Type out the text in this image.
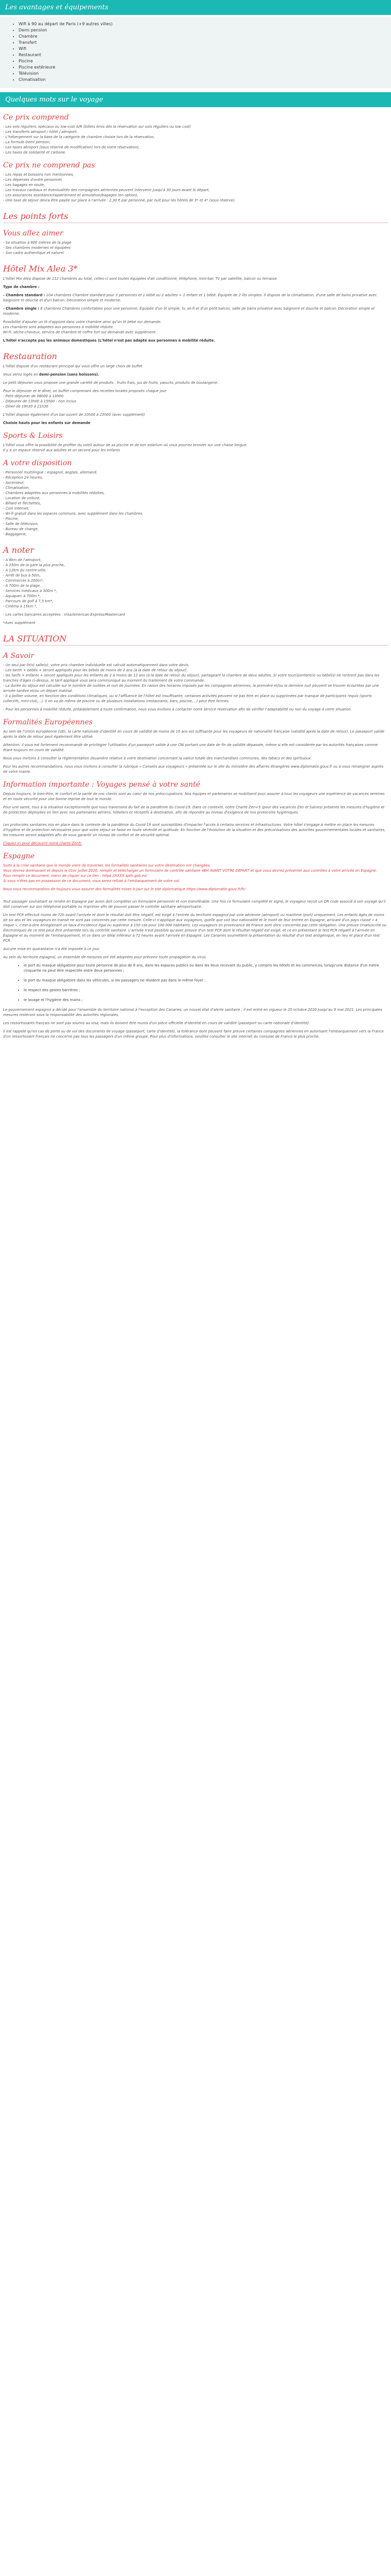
Les avantages et équipements
• Wifi à 90 au départ de Paris (+9 autres villes)
• Demi pension
• Chambre
• Transfert
• Wifi
• Restaurant
• Piscine
• Piscine extérieure
• Télévision
• Climatisation
Quelques mots sur le voyage
Ce prix comprend

- Les vols réguliers, spéciaux ou low-cost A/R (billets émis dès la réservation sur vols réguliers ou low cost)
- Les transferts aéroport / hôtel / aéroport,
- L'hébergement sur la base de la catégorie de chambre choisie lors de la réservation,
- La formule Demi pension,
- Les taxes aéroport (sous réserve de modification) lors de votre réservation),
- Les taxes de solidarité et carbone.

Ce prix ne comprend pas

- Les repas et boissons non mentionnes,
- Les dépenses d'ordre personnel,
- Les bagages en soute,
- Les travaux cardiaux et éventualités des compagnies aériennes peuvent intervenir jusqu'à 30 jours avant le départ,
- Les assurances assistance/rapatriement et annulation/bagages (en option),
- Une taxe de séjour devra être payée sur place à l'arrivée : 2,30 € par personne, par nuit pour les hôtels de 3* et 4* (sous réserve).

Les points forts
Vous allez aimer

- Sa situation à 600 mètres de la plage
- Ses chambres modernes et équipées
- Son cadre authentique et naturel

Hôtel Mix Alea 3*

L'hôtel Mix Alea dispose de 112 chambres au total, celles-ci sont toutes équipées d'air conditionné, téléphone, mini-bar, TV par satellite, balcon ou terrasse.

Type de chambre :

- Chambre standard : 104 chambres Chambre standard pour 3 personnes et 1 bébé ou 2 adultes + 1 enfant et 1 bébé. Équipée de 2 lits simples. Il dispose de la climatisation, d'une salle de bains privative avec baignoire et douche et d'un balcon. Décoration simple et moderne.

- Chambre single : 8 chambres Chambres confortables pour une personne. Équipée d'un lit simple, tv, wi-fi et d'un petit balcon, salle de bains privative avec baignoire et douche et balcon. Décoration simple et moderne.

Possibilité d'ajouter un lit d'appoint dans votre chambre ainsi qu'un lit bébé sur demande.
Les chambres sont adaptées aux personnes à mobilité réduite.
Wi-fi, sèche-cheveux, service de chambre et coffre fort sur demande avec supplément.

L'hôtel n'accepte pas les animaux domestiques (L'hôtel n'est pas adapté aux personnes à mobilité réduite.

Restauration

L'hôtel dispose d'un restaurant principal qui vous offre un large choix de buffet

Vous serez logés en demi-pension (sans boissons).

Le petit déjeuner vous propose une grande variété de produits : fruits frais, jus de fruits, yaourts, produits de boulangerie.

Pour le déjeuner et le dîner, un buffet comprenant des recettes locales proposés chaque jour
- Petit déjeuner de 08h00 à 10h00
- Déjeuner de 13h00 à 15h00 - non inclus
- Dîner de 19h30 à 21h30

L'hôtel dispose également d'un bar ouvert de 10h00 à 23h00 (avec supplément)

Choisie hauts pour les enfants sur demande

Sports & Loisirs

L'hôtel vous offre la possibilité de profiter du soleil autour de sa piscine et de son solarium où vous pourrez bronzer sur une chaise longue.
Il y a un espace réservé aux adultes et un second pour les enfants

A votre disposition

- Personnel multilingue ; espagnol, anglais, allemand,
- Réception 24 heures,
- Ascenseur,
- Climatisation,
- Chambres adaptées aux personnes à mobilités réduites,
- Location de voiture,
- Billard et fléchettes,
- Coin Internet,
- Wi-fi gratuit dans les espaces communs, avec supplément dans les chambres,
- Piscine,
- Salle de télévision,
- Bureau de change,
- Baggagerie,

A noter

- A 8km de l'aéroport,
- A 250m de la gare la plus proche,
- A 12km du centre-ville,
- Arrêt de bus à 50m,
- Commerces à 200m*,
- A 700m de la plage,
- Services médicaux à 300m *,
- Aquaparc à 700m *,
- Parcours de golf à 7,5 km*,
- Cinéma à 15km *,

- Les cartes bancaires acceptées : Visa/American Express/Mastercard

*Avec supplément

LA SITUATION
A Savoir

- Un seul par lit(s) salle(s), votre prix chambre individuelle est calculé automatiquement dans votre devis.
- Les berth + bébés + seront appliqués pour les bébés de moins de 2 ans (à la date de retour du séjour).
- les tarifs + enfants + seront appliqués pour les enfants de 2 à moins de 12 ans (à la date de retour du séjour), partageant la chambre de deux adultes. Si votre tour(s)enfant(s) ou bébé(s) ne rentrent pas dans les tranches d'âges ci-dessus, le tarif appliqué vous sera communiqué au moment du traitement de votre commande.
- La durée du séjour est calculée sur le nombre de nuitées et non de journées. En raison des horaires imposés par les compagnies aériennes, la première et/ou la dernière nuit peuvent se trouver écourtées par une arrivée tardive et/ou un départ matinal.
- Il a boîtier volume, en fonction des conditions climatiques, ou si l'affluence de l'hôtel est insuffisante, certaines activités peuvent ne pas être en place ou supprimées par manque de participants requis (sports collectifs, mini-club,...). Il en va de même de piscine ou de plusieurs installations (restaurants, bars, piscine,...) peut être fermés.

- Pour les personnes à mobilité réduite, préalablement à toute confirmation, nous vous invitons à contacter notre service réservation afin de vérifier l'adaptabilité ou non du voyage à votre situation.

Formalités Européennes

Au sein de l'Union européenne (UE), la carte nationale d'identité en cours de validité de moins de 10 ans est suffisante pour les voyageurs de nationalité française (validité après la date de retour). Le passeport valide après la date de retour peut également être utilisé.

Attention: il vous est fortement recommandé de privilégier l'utilisation d'un passeport valide à une CNI portant une date de fin de validité dépassée, même si elle est considérée par les autorités françaises comme étant toujours en cours de validité.

Nous vous invitons à consulter la réglementation douanière relative à votre destination concernant la valeur totale des marchandises communes, des tabacs et des spiritueux.

Pour les autres recommandations, nous vous invitons à consulter la rubrique « Conseils aux voyageurs » présentée sur le site du ministère des affaires étrangères www.diplomatie.gouv.fr ou à vous renseigner auprès de votre mairie.

Information importante : Voyages pensé à votre santé

Depuis toujours, le bien-être, le confort et la santé de nos clients sont au cœur de nos préoccupations. Nos équipes et partenaires se mobilisent pour assurer à tous les voyageurs une expérience de vacances sereines et en toute sécurité pour une bonne reprise de tout le monde.

Pour une santé, tous à la situation exceptionnelle que nous traversons du fait de la pandémie du Covid-19. Dans ce contexte, notre Charte Zen+5 (pour des vacances Zen et Saines) présente les mesures d'hygiène et de protection déployées en lien avec nos partenaires aériens, hôteliers et réceptifs à destination, afin de répondre au niveau d'exigence de nos protocoles hygiéniques.

Les protocoles sanitaires mis en place dans le contexte de la pandémie du Covid-19 sont susceptibles d'impacter l'accès à certains services et infrastructures. Votre hôtel s'engage à mettre en place les mesures d'hygiène et de protection nécessaires pour que votre séjour se fasse en toute sérénité et quiétude. En fonction de l'évolution de la situation et des préconisations des autorités gouvernementales locales et sanitaires, les mesures seront adaptées afin de vous garantir un niveau de confort et de sécurité optimal.

Cliquez ici pour découvrir notre charte Zen5:

Espagne

Suite à la crise sanitaire que le monde vient de traverser, les formalités sanitaires sur votre destination ont changées.
Vous devrez dorénavant et depuis le 01er juillet 2020, remplir et télécharger un formulaire de contrôle sanitaire 48H AVANT VOTRE DÉPART et que vous devrez présenter aux contrôles à votre arrivée en Espagne.
Pour remplir ce document, merci de cliquer sur ce lien : https://XXXX.spth.gob.es/
Si vous n'êtes pas en possession de ce document, vous serez refusé à l'embarquement de votre vol.

Nous vous recommandons de toujours vous assurer des formalités mises à jour sur le site diplomatique https://www.diplomatie.gouv.fr/fr/

Tout passager souhaitant se rendre en Espagne par avion doit compléter un formulaire personnel et non transférable. Une fois ce formulaire complété et signé, le voyageur reçoit un QR code associé à son voyage qu'il doit conserver sur son téléphone portable ou imprimer afin de pouvoir passer le contrôle sanitaire aéroportuaire.

Un test PCR effectué moins de 72h avant l'arrivée et dont le résultat doit être négatif, est exigé à l'entrée du territoire espagnol par voie aérienne (aéroport) ou maritime (port) uniquement. Les enfants âgés de moins de six ans et les voyageurs en transit ne sont pas concernés par cette mesure. Celle-ci s'applique aux voyageurs, quelle que soit leur nationalité et le motif de leur entrée en Espagne, arrivant d'un pays classé « à risque », c'est-à-dire enregistrant un taux d'incidence égal ou supérieur à 150 cas pour 100 000 habitants. Les voyageurs en provenance de France sont donc concernés par cette obligation. Une preuve (manuscrite ou électronique) de ce test peut être présentée lors du contrôle sanitaire. L'arrivée n'est possible qu'avec preuve d'un test PCR dont le résultat négatif est exigé, et ce en présentant le test PCR négatif à l'arrivée en Espagne et au moment de l'embarquement, et ce dans un délai inférieur à 72 heures avant l'arrivée en Espagne. Les Canaries soumettent la présentation du résultat d'un test antigénique, en lieu et place d'un test PCR.

Aucune mise en quarantaine n'a été imposée à ce jour.

Au sein du territoire espagnol, un ensemble de mesures ont été adoptées pour prévenir toute propagation du virus

• le port du masque obligatoire pour toute personne de plus de 6 ans, dans les espaces publics ou dans les lieux recevant du public, y compris les hôtels et les commerces, lorsqu'une distance d'un mètre cinquante ne peut être respectée entre deux personnes ;
• le port du masque obligatoire dans les véhicules, si les passagers ne résident pas dans le même foyer ;
• le respect des gestes barrières ;
• le lavage et l'hygiène des mains ;

Le gouvernement espagnol a décidé pour l'ensemble du territoire national à l'exception des Canaries, un nouvel état d'alerte sanitaire ; il est entré en vigueur le 25 octobre 2020 jusqu'au 9 mai 2021. Les principales mesures resteront sous la responsabilité des autorités régionales.

Les ressortissants français ne sont pas soumis au visa, mais ils doivent être munis d'un pièce officielle d'identité en cours de validité (passeport ou carte nationale d'identité).

Il est rappelé qu'en cas de perte ou de vol des documents de voyage (passeport, carte d'identité), la tolérance dont peuvent faire preuve certaines compagnies aériennes en autorisant l'embarquement vers la France d'un ressortissant français ne concerne pas tous les passagers d'un même groupe. Pour plus d'informations, veuillez consulter le site internet du consulat de France le plus proche.
